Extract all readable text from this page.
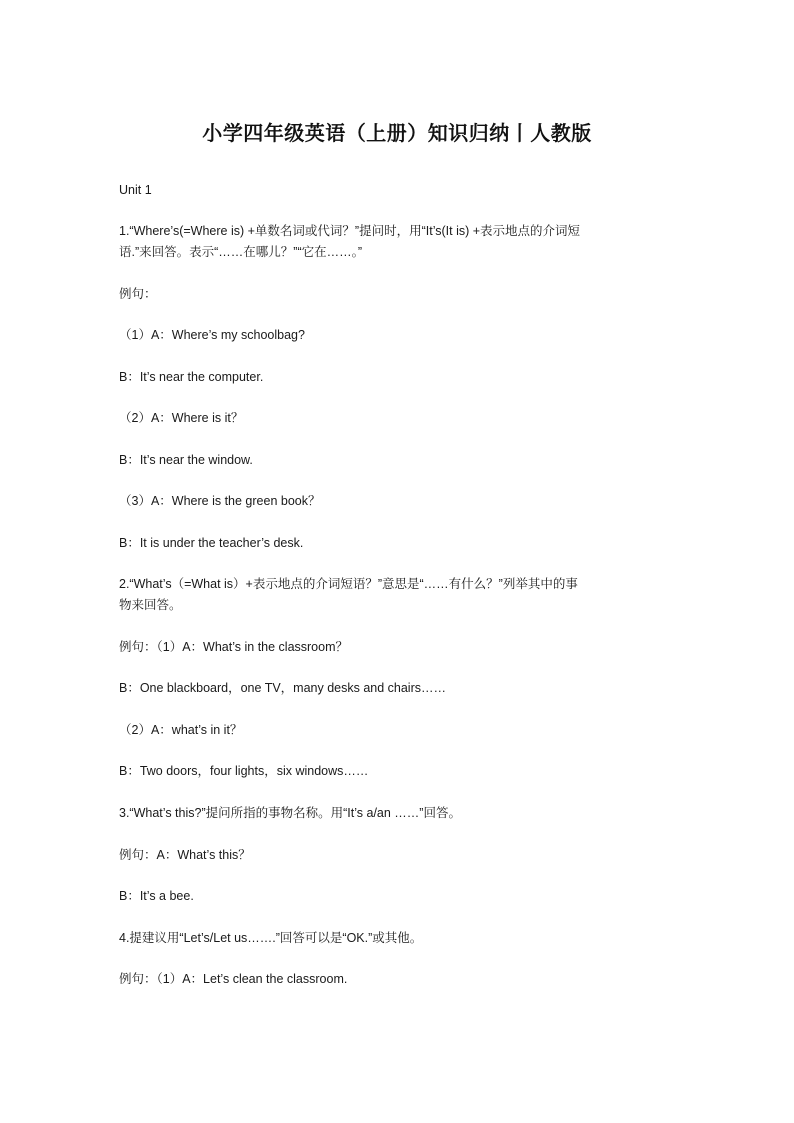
小学四年级英语（上册）知识归纳丨人教版
Unit 1
1.“Where’s(=Where is) +单数名词或代词？”提问时，用“It’s(It is) +表示地点的介词短
语.”来回答。表示“……在哪儿？”“它在……。”
例句：
（1）A：Where’s my schoolbag?
B：It’s near the computer.
（2）A：Where is it？
B：It’s near the window.
（3）A：Where is the green book？
B：It is under the teacher’s desk.
2.“What’s（=What is）+表示地点的介词短语？”意思是“……有什么？”列举其中的事
物来回答。
例句：（1）A：What’s in the classroom？
B：One blackboard，one TV，many desks and chairs……
（2）A：what’s in it？
B：Two doors，four lights，six windows……
3.“What’s this?”提问所指的事物名称。用“It’s a/an ……”回答。
例句：A：What’s this？
B：It’s a bee.
4.提建议用“Let’s/Let us…….”回答可以是“OK.”或其他。
例句：（1）A：Let’s clean the classroom.
